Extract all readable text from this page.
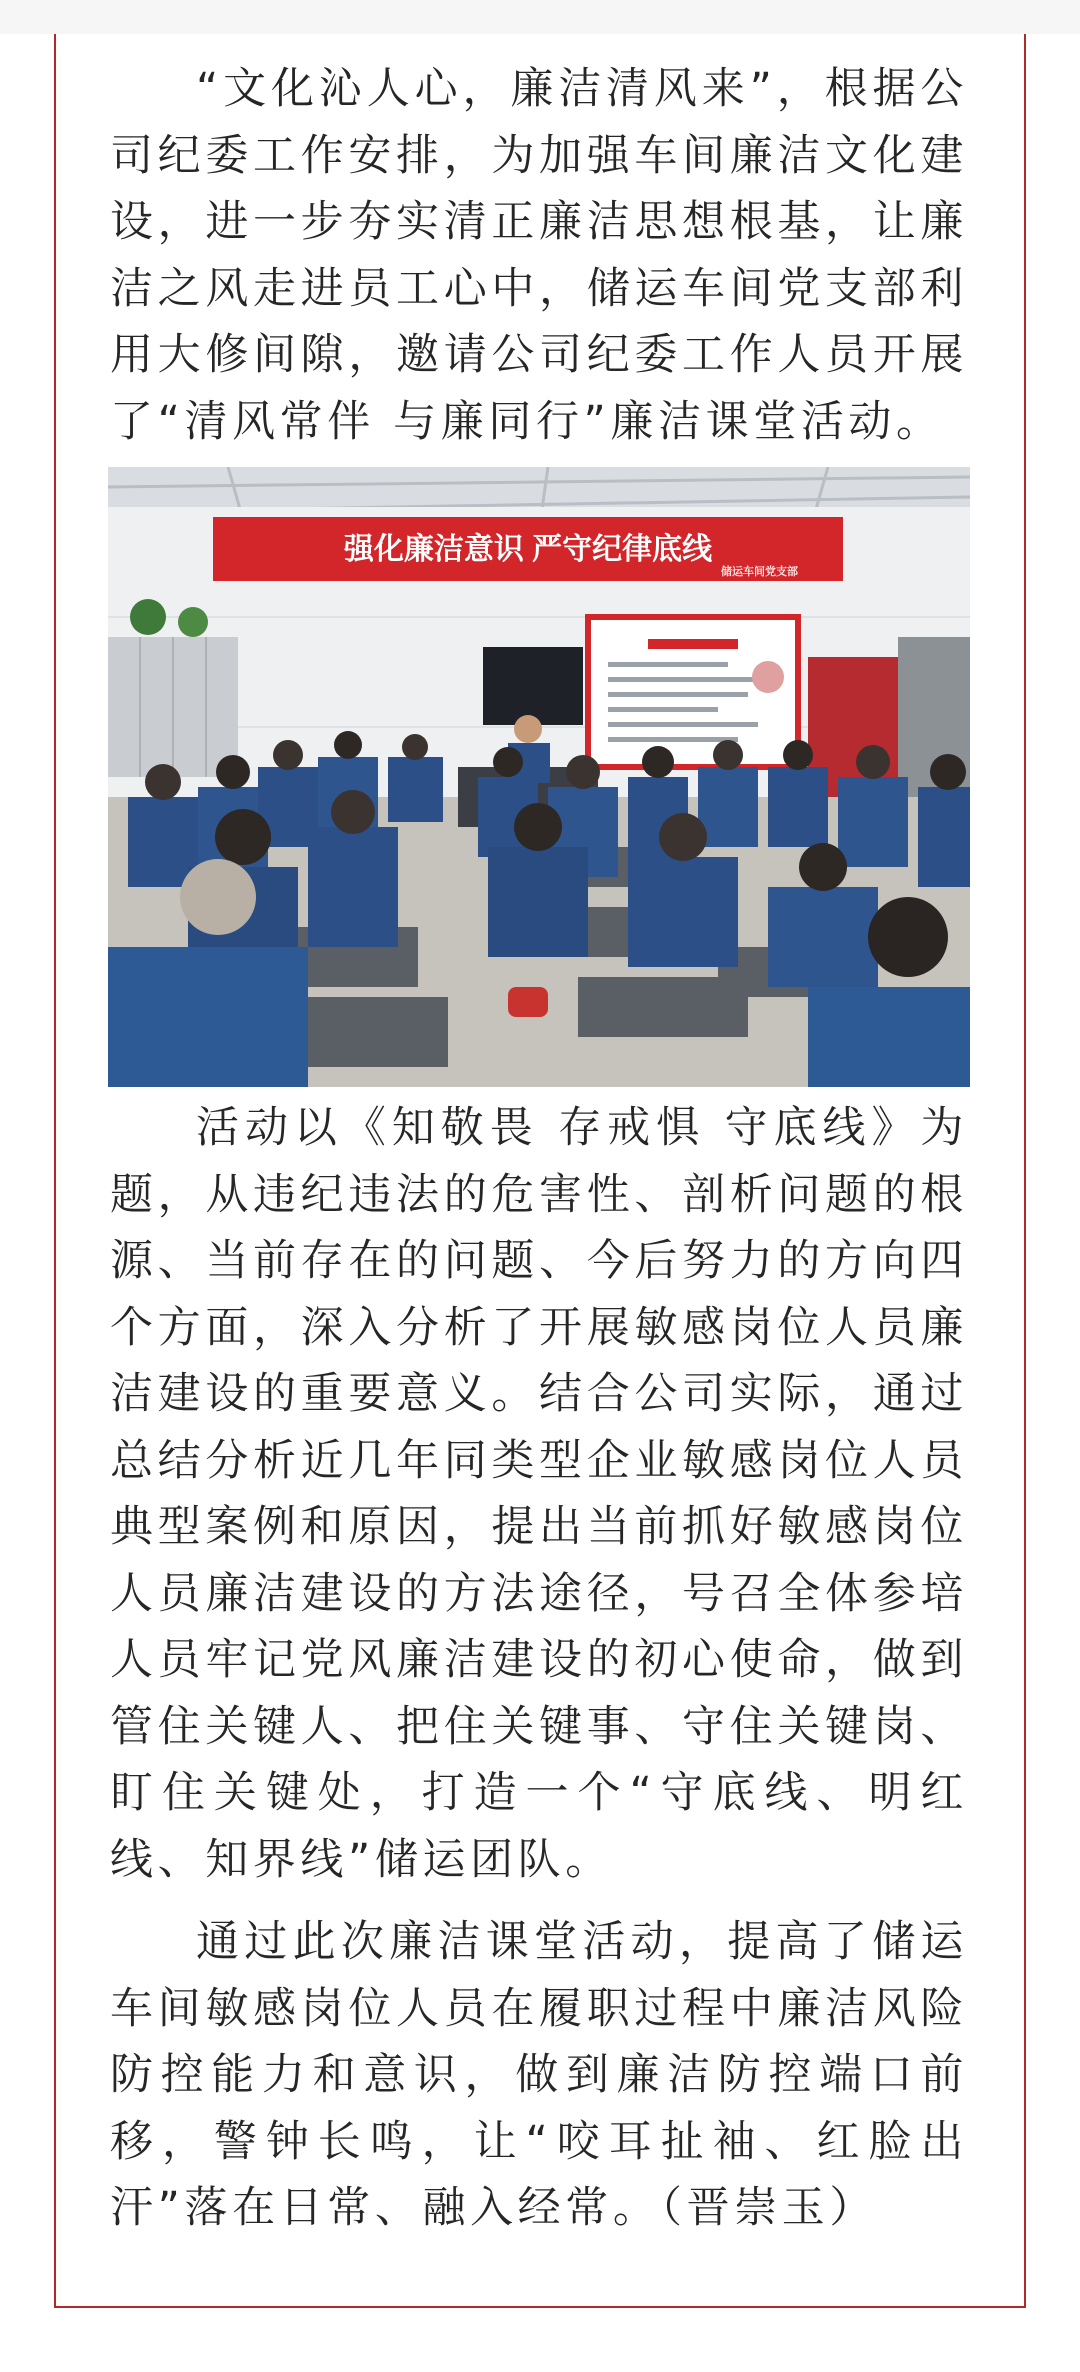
“文化沁人心，廉洁清风来”，根据公司纪委工作安排，为加强车间廉洁文化建设，进一步夯实清正廉洁思想根基，让廉洁之风走进员工心中，储运车间党支部利用大修间隙，邀请公司纪委工作人员开展了“清风常伴 与廉同行”廉洁课堂活动。

强化廉洁意识 严守纪律底线
储运车间党支部

活动以《知敬畏 存戒惧 守底线》为题，从违纪违法的危害性、剖析问题的根源、当前存在的问题、今后努力的方向四个方面，深入分析了开展敏感岗位人员廉洁建设的重要意义。结合公司实际，通过总结分析近几年同类型企业敏感岗位人员典型案例和原因，提出当前抓好敏感岗位人员廉洁建设的方法途径，号召全体参培人员牢记党风廉洁建设的初心使命，做到管住关键人、把住关键事、守住关键岗、盯住关键处，打造一个“守底线、明红线、知界线”储运团队。

通过此次廉洁课堂活动，提高了储运车间敏感岗位人员在履职过程中廉洁风险防控能力和意识，做到廉洁防控端口前移，警钟长鸣，让“咬耳扯袖、红脸出汗”落在日常、融入经常。（晋崇玉）
